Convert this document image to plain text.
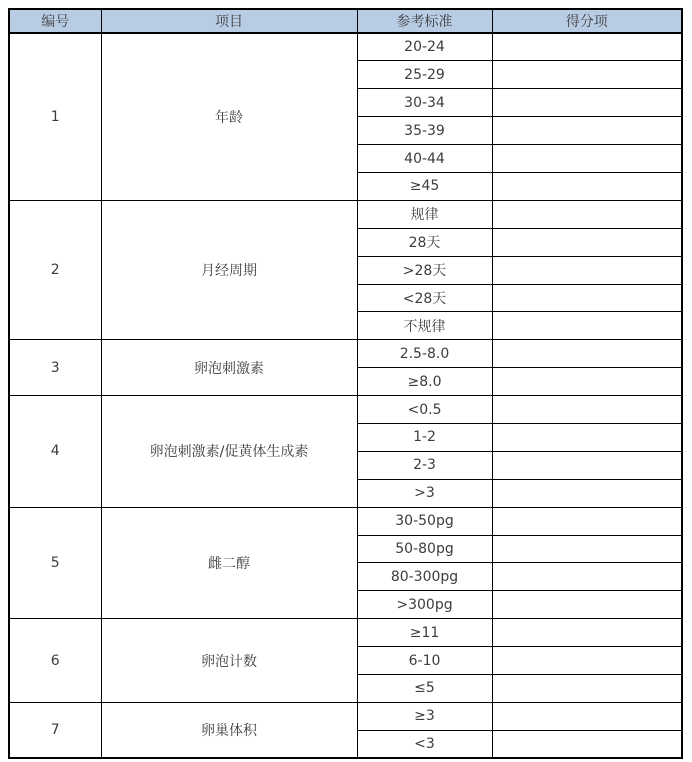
编号	项目	参考标准	得分项
1	年龄	20-24	
		25-29	
		30-34	
		35-39	
		40-44	
		≥45	
2	月经周期	规律	
		28天	
		>28天	
		<28天	
		不规律	
3	卵泡刺激素	2.5-8.0	
		≥8.0	
4	卵泡刺激素/促黄体生成素	<0.5	
		1-2	
		2-3	
		>3	
5	雌二醇	30-50pg	
		50-80pg	
		80-300pg	
		>300pg	
6	卵泡计数	≥11	
		6-10	
		≤5	
7	卵巢体积	≥3	
		<3	
